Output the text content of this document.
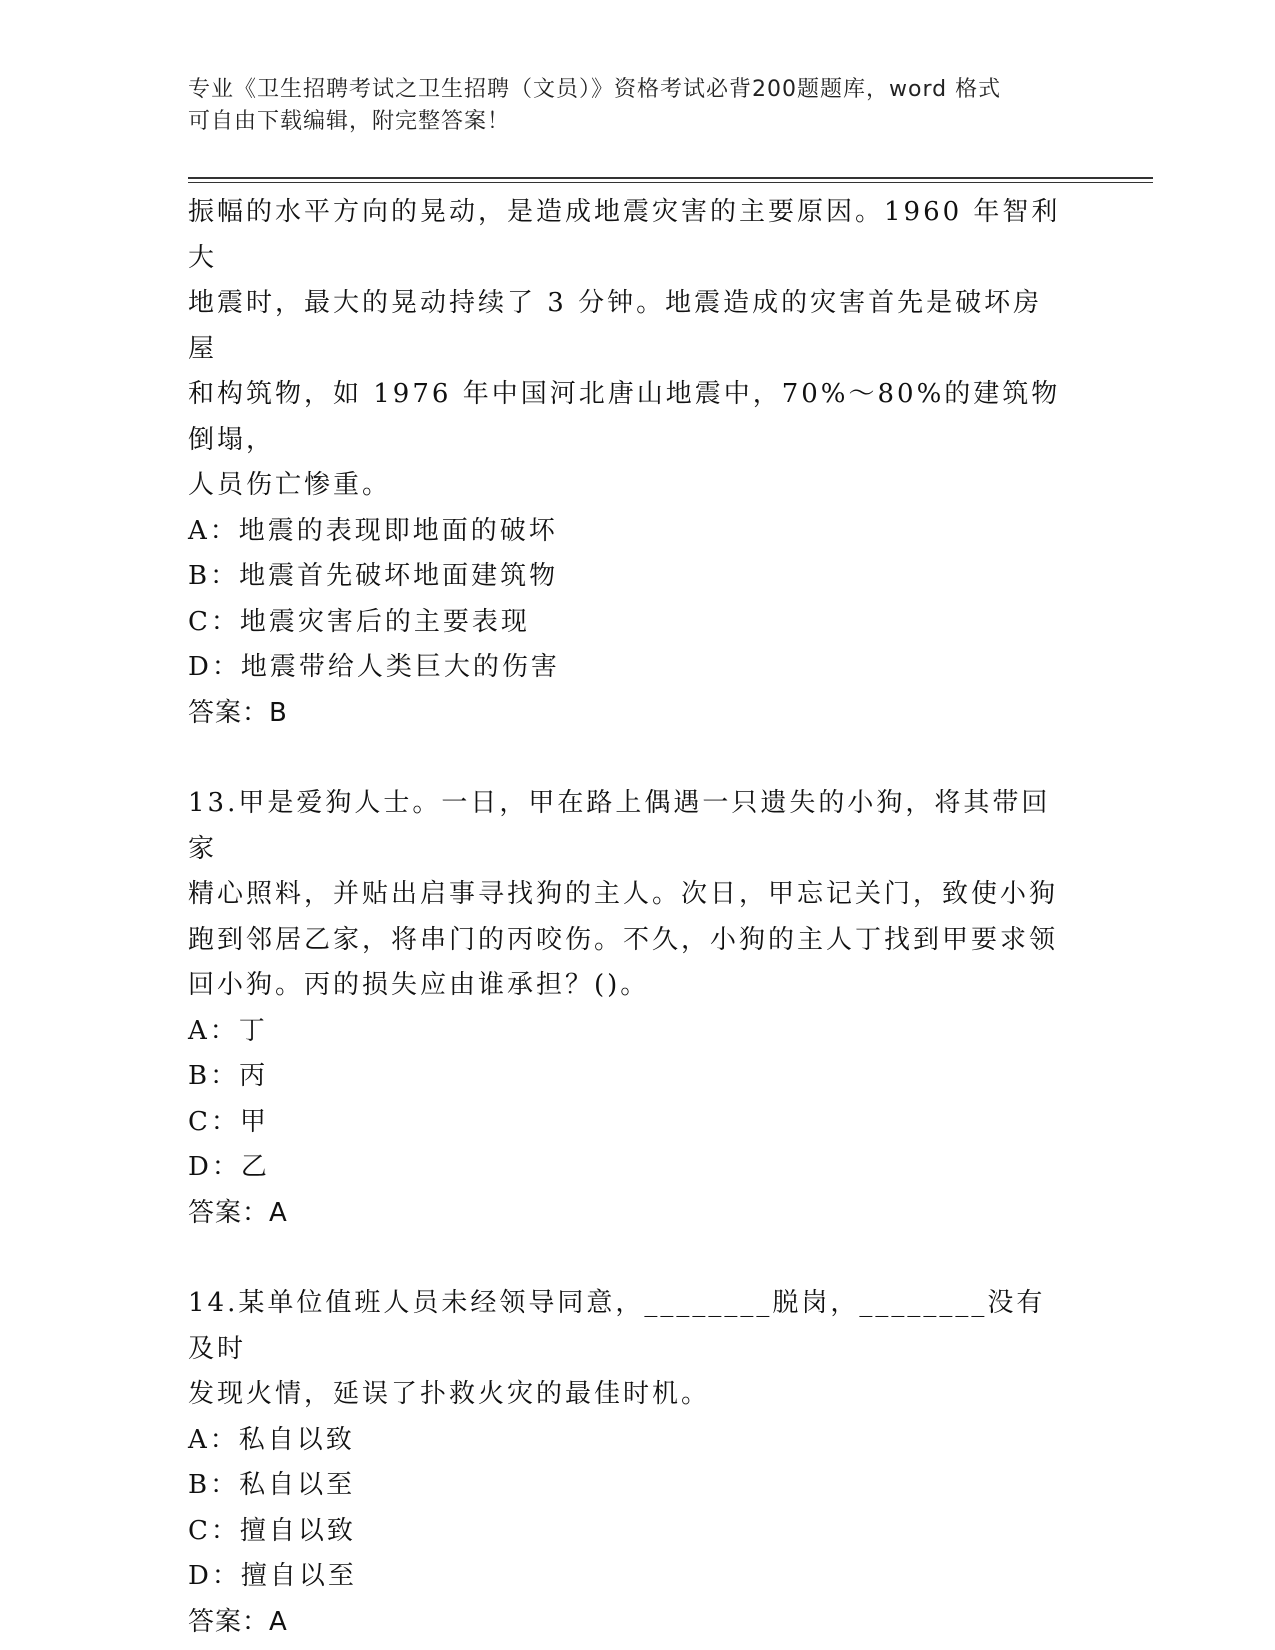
专业《卫生招聘考试之卫生招聘（文员）》资格考试必背200题题库，word 格式
可自由下载编辑，附完整答案！
振幅的水平方向的晃动，是造成地震灾害的主要原因。1960 年智利大
地震时，最大的晃动持续了 3 分钟。地震造成的灾害首先是破坏房屋
和构筑物，如 1976 年中国河北唐山地震中，70%～80%的建筑物倒塌，
人员伤亡惨重。
A：地震的表现即地面的破坏
B：地震首先破坏地面建筑物
C：地震灾害后的主要表现
D：地震带给人类巨大的伤害
答案：B
13.甲是爱狗人士。一日，甲在路上偶遇一只遗失的小狗，将其带回家
精心照料，并贴出启事寻找狗的主人。次日，甲忘记关门，致使小狗
跑到邻居乙家，将串门的丙咬伤。不久，小狗的主人丁找到甲要求领
回小狗。丙的损失应由谁承担？()。
A：丁
B：丙
C：甲
D：乙
答案：A
14.某单位值班人员未经领导同意，________脱岗，________没有及时
发现火情，延误了扑救火灾的最佳时机。
A：私自以致
B：私自以至
C：擅自以致
D：擅自以至
答案：A
